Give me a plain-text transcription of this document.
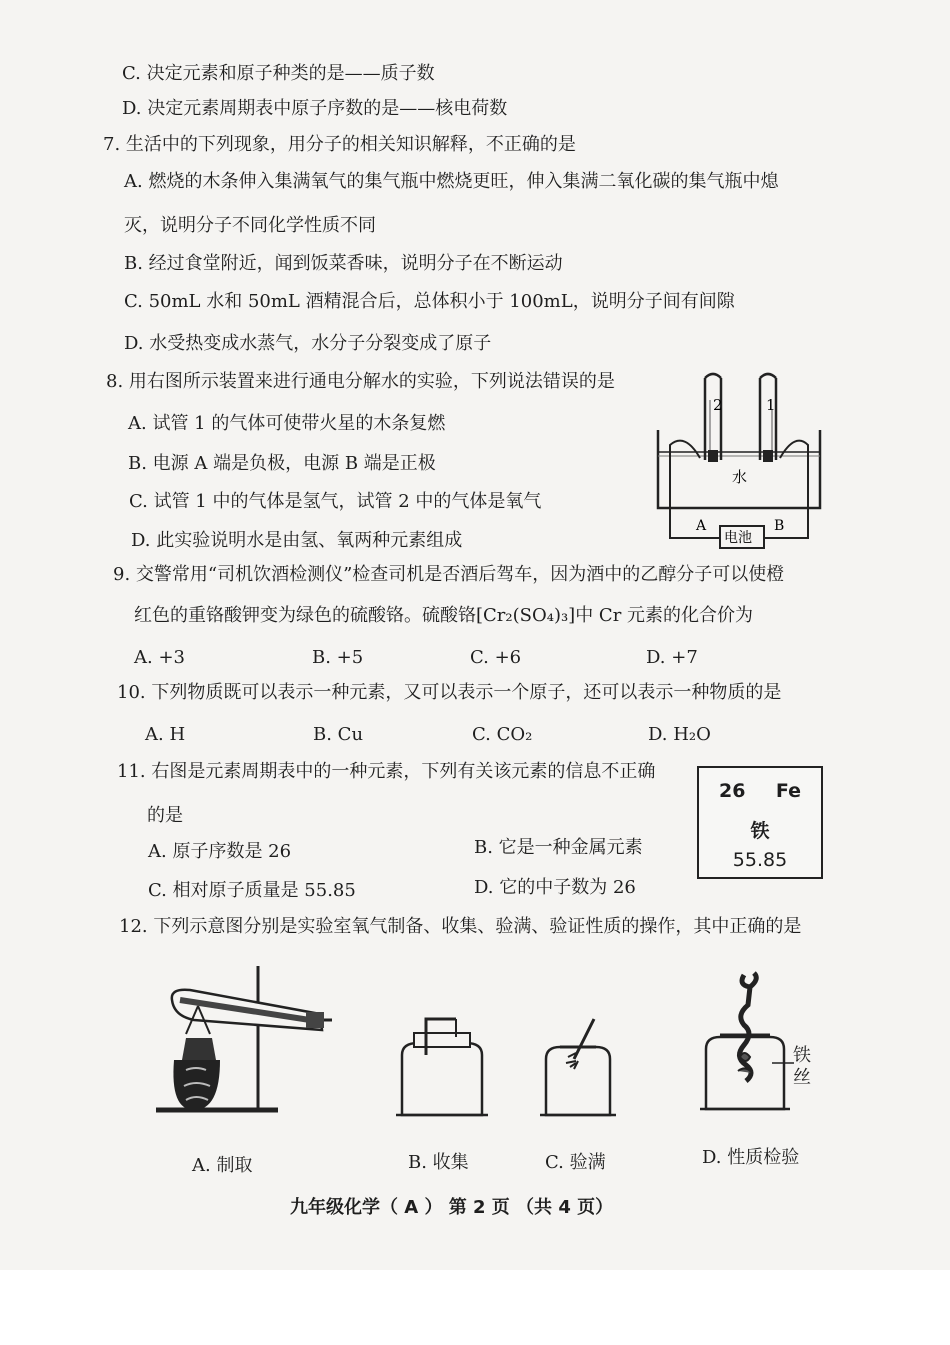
C. 决定元素和原子种类的是——质子数
D. 决定元素周期表中原子序数的是——核电荷数
7. 生活中的下列现象，用分子的相关知识解释，不正确的是
A. 燃烧的木条伸入集满氧气的集气瓶中燃烧更旺，伸入集满二氧化碳的集气瓶中熄
灭，说明分子不同化学性质不同
B. 经过食堂附近，闻到饭菜香味，说明分子在不断运动
C. 50mL 水和 50mL 酒精混合后，总体积小于 100mL，说明分子间有间隙
D. 水受热变成水蒸气，水分子分裂变成了原子
8. 用右图所示装置来进行通电分解水的实验，下列说法错误的是
A. 试管 1 的气体可使带火星的木条复燃
B. 电源 A 端是负极，电源 B 端是正极
C. 试管 1 中的气体是氢气，试管 2 中的气体是氧气
D. 此实验说明水是由氢、氧两种元素组成
2	1
水
电池
A	B
9. 交警常用“司机饮酒检测仪”检查司机是否酒后驾车，因为酒中的乙醇分子可以使橙
红色的重铬酸钾变为绿色的硫酸铬。硫酸铬[Cr₂(SO₄)₃]中 Cr 元素的化合价为
A. +3	B. +5	C. +6	D. +7
10. 下列物质既可以表示一种元素，又可以表示一个原子，还可以表示一种物质的是
A. H	B. Cu	C. CO₂	D. H₂O
11. 右图是元素周期表中的一种元素，下列有关该元素的信息不正确
的是
A. 原子序数是 26	B. 它是一种金属元素
C. 相对原子质量是 55.85	D. 它的中子数为 26
26 Fe
铁
55.85
12. 下列示意图分别是实验室氧气制备、收集、验满、验证性质的操作，其中正确的是
铁丝
A. 制取	B. 收集	C. 验满	D. 性质检验
九年级化学（ A ） 第 2 页 （共 4 页）
